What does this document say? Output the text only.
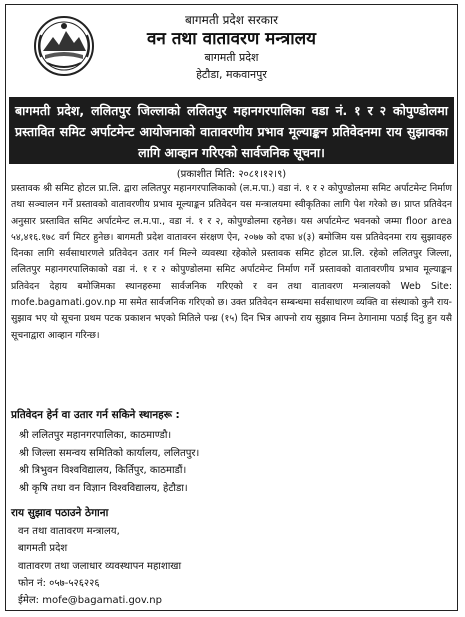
बागमती प्रदेश सरकार
वन तथा वातावरण मन्त्रालय
बागमती प्रदेश
हेटौडा, मकवानपुर
बागमती प्रदेश, ललितपुर जिल्लाको ललितपुर महानगरपालिका वडा नं. १ र २ कोपुण्डोलमा प्रस्तावित समिट अर्पाटमेन्ट आयोजनाको वातावरणीय प्रभाव मूल्याङ्कन प्रतिवेदनमा राय सुझावका लागि आव्हान गरिएको सार्वजनिक सूचना।
(प्रकाशीत मिति: २०८१।१२।९)
प्रस्तावक श्री समिट होटल प्रा.लि. द्वारा ललितपुर महानगरपालिकाको (ल.म.पा.) वडा नं. १ र २ कोपुण्डोलमा समिट अर्पाटमेन्ट निर्माण तथा सञ्चालन गर्ने प्रस्तावको वातावरणीय प्रभाव मूल्याङ्कन प्रतिवेदन यस मन्त्रालयमा स्वीकृतिका लागि पेश गरेको छ। प्राप्त प्रतिवेदन अनुसार प्रस्तावित समिट अर्पाटमेन्ट ल.म.पा., वडा नं. १ र २, कोपुण्डोलमा रहनेछ। यस अर्पाटमेन्ट भवनको जम्मा floor area ५४,४१६.१७८ वर्ग मिटर हुनेछ। बागमती प्रदेश वातावरन संरक्षण ऐन, २०७७ को दफा ४(३) बमोजिम यस प्रतिवेदनमा राय सुझावहरु दिनका लागि सर्वसाधारणले प्रतिवेदन उतार गर्न मिल्ने व्यवस्था रहेकोले प्रस्तावक समिट होटल प्रा.लि. रहेको ललितपुर जिल्ला, ललितपुर महानगरपालिकाको वडा नं. १ र २ कोपुण्डोलमा समिट अर्पाटमेन्ट निर्माण गर्ने प्रस्तावको वातावरणीय प्रभाव मूल्याङ्कन प्रतिवेदन देहाय बमोजिमका स्थानहरुमा सार्वजनिक गरिएको र वन तथा वातावरण मन्त्रालयको Web Site: mofe.bagamati.gov.np मा समेत सार्वजनिक गरिएको छ। उक्त प्रतिवेदन सम्बन्धमा सर्वसाधारण व्यक्ति वा संस्थाको कुनै राय-सुझाव भए यो सूचना प्रथम पटक प्रकाशन भएको मितिले पन्ध्र (१५) दिन भित्र आफ्नो राय सुझाव निम्न ठेगानामा पठाई दिनु हुन यसै सूचनाद्वारा आव्हान गरिन्छ।
प्रतिवेदन हेर्न वा उतार गर्न सकिने स्थानहरू :
श्री ललितपुर महानगरपालिका, काठमाण्डौ।
श्री जिल्ला समन्वय समितिको कार्यालय, ललितपुर।
श्री त्रिभुवन विश्वविद्यालय, किर्तिपुर, काठमाडौं।
श्री कृषि तथा वन विज्ञान विश्वविद्यालय, हेटौडा।
राय सुझाव पठाउने ठेगाना
वन तथा वातावरण मन्त्रालय,
बागमती प्रदेश
वातावरण तथा जलाधार व्यवस्थापन महाशाखा
फोन नं: ०५७-५२६२२६
ईमेल: mofe@bagamati.gov.np
